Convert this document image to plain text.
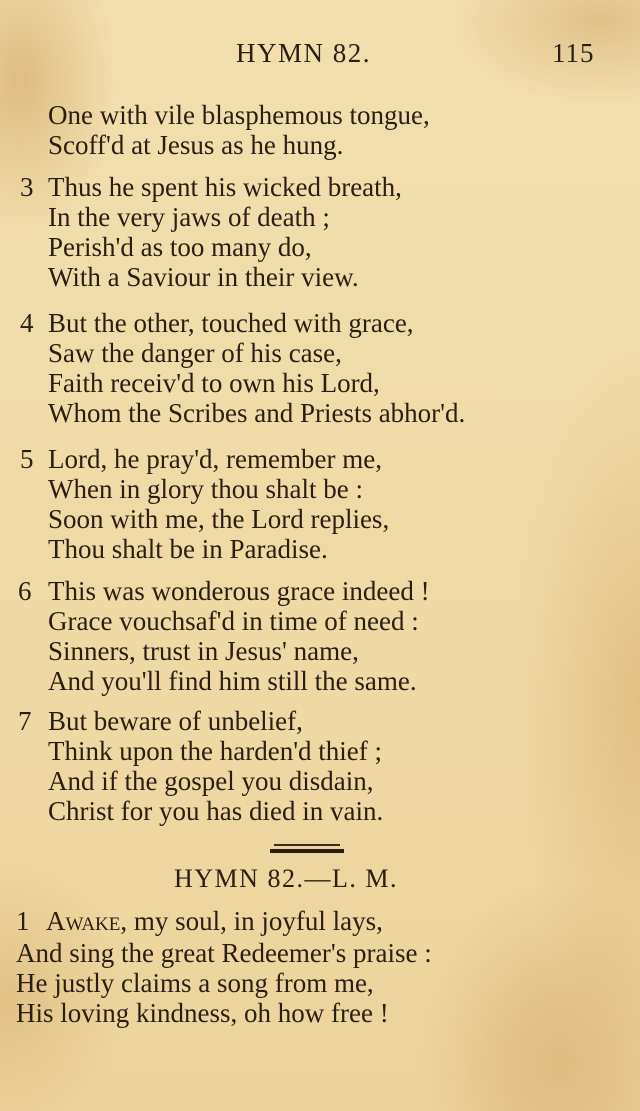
HYMN 82.	115
One with vile blasphemous tongue,
Scoff'd at Jesus as he hung.
3 Thus he spent his wicked breath,
In the very jaws of death ;
Perish'd as too many do,
With a Saviour in their view.
4 But the other, touched with grace,
Saw the danger of his case,
Faith receiv'd to own his Lord,
Whom the Scribes and Priests abhor'd.
5 Lord, he pray'd, remember me,
When in glory thou shalt be :
Soon with me, the Lord replies,
Thou shalt be in Paradise.
6 This was wonderous grace indeed !
Grace vouchsaf'd in time of need :
Sinners, trust in Jesus' name,
And you'll find him still the same.
7 But beware of unbelief,
Think upon the harden'd thief ;
And if the gospel you disdain,
Christ for you has died in vain.
HYMN 82.—L. M.
1 Awake, my soul, in joyful lays,
And sing the great Redeemer's praise :
He justly claims a song from me,
His loving kindness, oh how free !
